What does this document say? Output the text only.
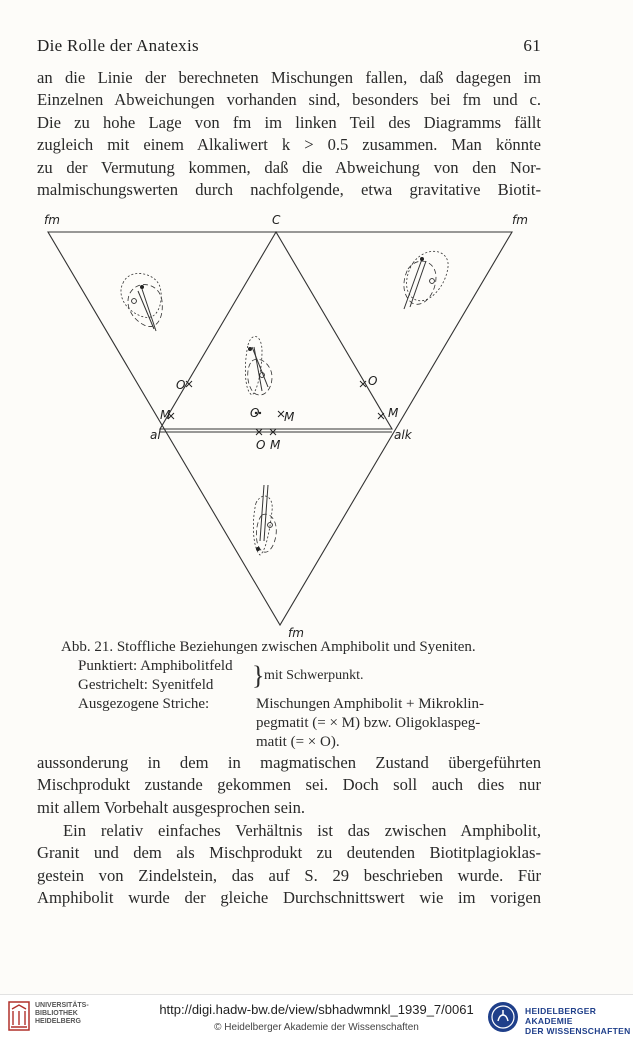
Die Rolle der Anatexis	61
an die Linie der berechneten Mischungen fallen, daß dagegen im
Einzelnen Abweichungen vorhanden sind, besonders bei fm und c.
Die zu hohe Lage von fm im linken Teil des Diagramms fällt
zugleich mit einem Alkaliwert k > 0.5 zusammen. Man könnte
zu der Vermutung kommen, daß die Abweichung von den Nor-
malmischungswerten durch nachfolgende, etwa gravitative Biotit-
fm	C	fm
fm
al	alk
O	O
M	M
O M
O M
Abb. 21. Stoffliche Beziehungen zwischen Amphibolit und Syeniten.
Punktiert: Amphibolitfeld
Gestrichelt: Syenitfeld	} mit Schwerpunkt.
Ausgezogene Striche:	Mischungen Amphibolit + Mikroklin-
pegmatit (= × M) bzw. Oligoklaspeg-
matit (= × O).
aussonderung in dem in magmatischen Zustand übergeführten
Mischprodukt zustande gekommen sei. Doch soll auch dies nur
mit allem Vorbehalt ausgesprochen sein.
Ein relativ einfaches Verhältnis ist das zwischen Amphibolit,
Granit und dem als Mischprodukt zu deutenden Biotitplagioklas-
gestein von Zindelstein, das auf S. 29 beschrieben wurde. Für
Amphibolit wurde der gleiche Durchschnittswert wie im vorigen
UNIVERSITÄTS-
BIBLIOTHEK
HEIDELBERG
http://digi.hadw-bw.de/view/sbhadwmnkl_1939_7/0061
© Heidelberger Akademie der Wissenschaften
HEIDELBERGER AKADEMIE
DER WISSENSCHAFTEN
